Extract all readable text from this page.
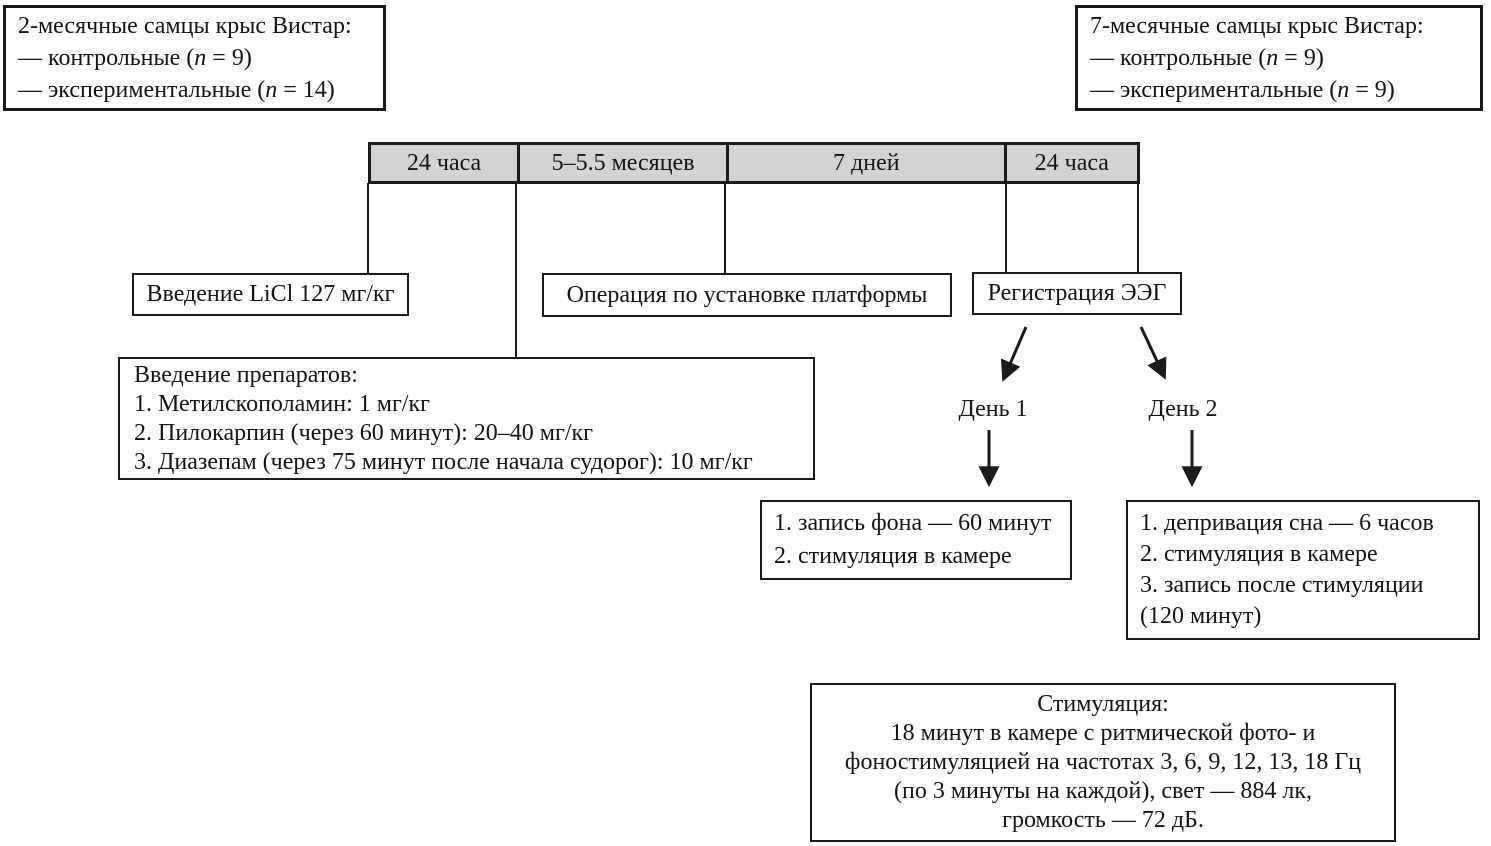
2-месячные самцы крыс Вистар:
— контрольные (n = 9)
— экспериментальные (n = 14)
7-месячные самцы крыс Вистар:
— контрольные (n = 9)
— экспериментальные (n = 9)
24 часа	5–5.5 месяцев	7 дней	24 часа
Введение LiCl 127 мг/кг	Операция по установке платформы	Регистрация ЭЭГ
Введение препаратов:
1. Метилскополамин: 1 мг/кг
2. Пилокарпин (через 60 минут): 20–40 мг/кг
3. Диазепам (через 75 минут после начала судорог): 10 мг/кг
День 1	День 2
1. запись фона — 60 минут
2. стимуляция в камере
1. депривация сна — 6 часов
2. стимуляция в камере
3. запись после стимуляции
(120 минут)
Стимуляция:
18 минут в камере с ритмической фото- и
фоностимуляцией на частотах 3, 6, 9, 12, 13, 18 Гц
(по 3 минуты на каждой), свет — 884 лк,
громкость — 72 дБ.
